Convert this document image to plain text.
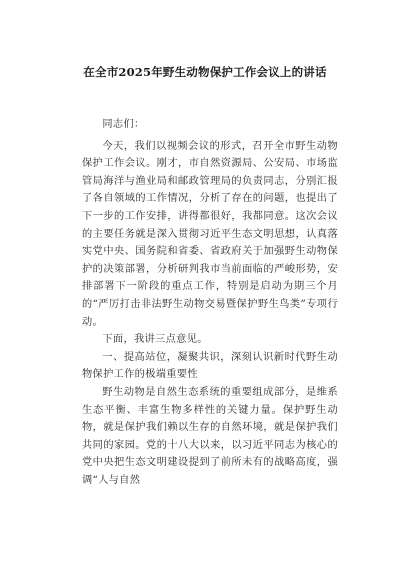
在全市2025年野生动物保护工作会议上的讲话

同志们：

今天，我们以视频会议的形式，召开全市野生动物保护工作会议。刚才，市自然资源局、公安局、市场监管局海洋与渔业局和邮政管理局的负责同志，分别汇报了各自领域的工作情况，分析了存在的问题，也提出了下一步的工作安排，讲得都很好，我都同意。这次会议的主要任务就是深入贯彻习近平生态文明思想，认真落实党中央、国务院和省委、省政府关于加强野生动物保护的决策部署，分析研判我市当前面临的严峻形势，安排部署下一阶段的重点工作，特别是启动为期三个月的“严厉打击非法野生动物交易暨保护野生鸟类”专项行动。

下面，我讲三点意见。

一、提高站位，凝聚共识，深刻认识新时代野生动物保护工作的极端重要性

野生动物是自然生态系统的重要组成部分，是维系生态平衡、丰富生物多样性的关键力量。保护野生动物，就是保护我们赖以生存的自然环境，就是保护我们共同的家园。党的十八大以来，以习近平同志为核心的党中央把生态文明建设提到了前所未有的战略高度，强调“人与自然
